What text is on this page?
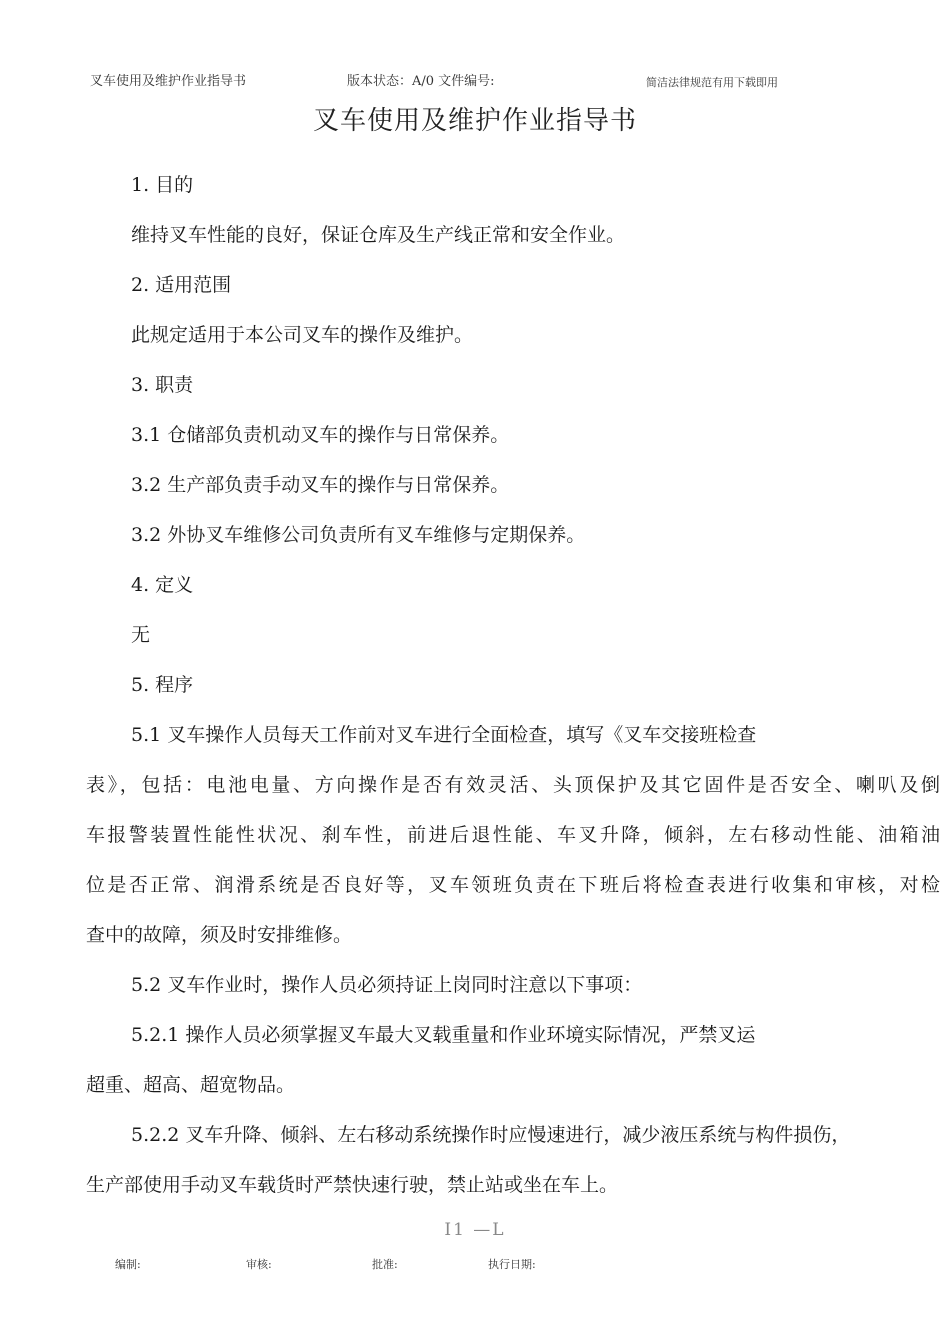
叉车使用及维护作业指导书	版本状态：A/0 文件编号:	简洁法律规范有用下载即用
叉车使用及维护作业指导书
1. 目的
维持叉车性能的良好，保证仓库及生产线正常和安全作业。
2. 适用范围
此规定适用于本公司叉车的操作及维护。
3. 职责
3.1 仓储部负责机动叉车的操作与日常保养。
3.2 生产部负责手动叉车的操作与日常保养。
3.2 外协叉车维修公司负责所有叉车维修与定期保养。
4. 定义
无
5. 程序
5.1 叉车操作人员每天工作前对叉车进行全面检查，填写《叉车交接班检查
表》，包括：电池电量、方向操作是否有效灵活、头顶保护及其它固件是否安全、喇叭及倒
车报警装置性能性状况、刹车性，前进后退性能、车叉升降，倾斜，左右移动性能、油箱油
位是否正常、润滑系统是否良好等，叉车领班负责在下班后将检查表进行收集和审核，对检
查中的故障，须及时安排维修。
5.2 叉车作业时，操作人员必须持证上岗同时注意以下事项：
5.2.1 操作人员必须掌握叉车最大叉载重量和作业环境实际情况，严禁叉运
超重、超高、超宽物品。
5.2.2 叉车升降、倾斜、左右移动系统操作时应慢速进行，减少液压系统与构件损伤，
生产部使用手动叉车载货时严禁快速行驶，禁止站或坐在车上。
I1 —L
编制:	审核:	批准:	执行日期:
